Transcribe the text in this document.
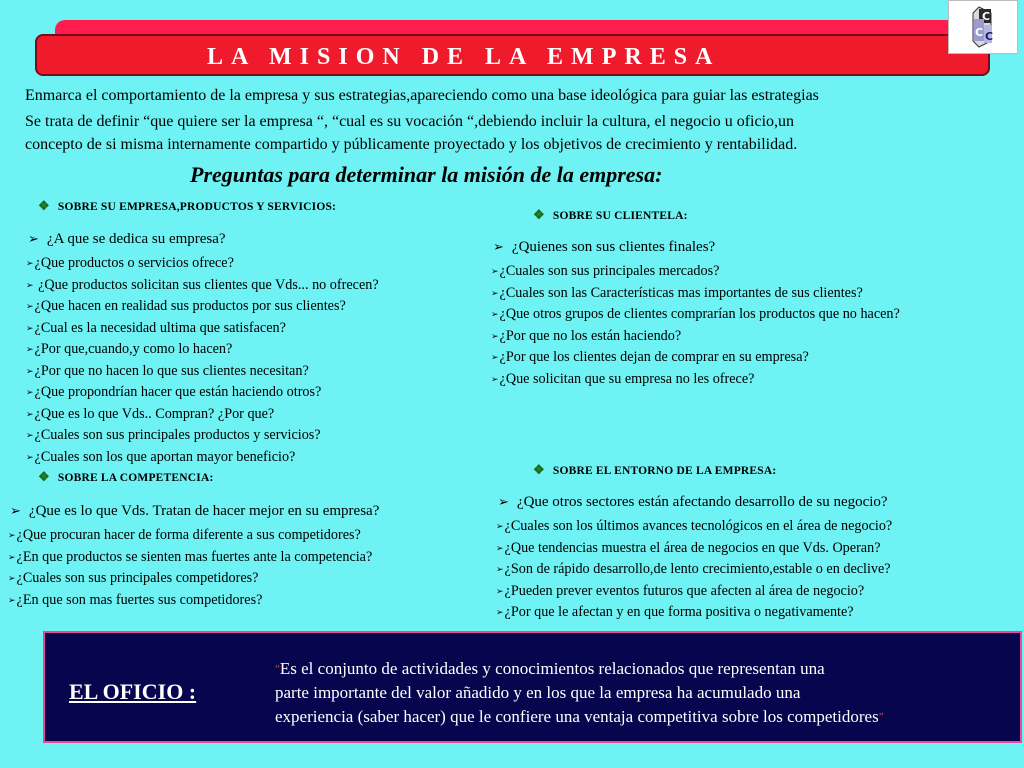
LA MISION DE LA EMPRESA
C
C C
Enmarca el comportamiento de la empresa y sus estrategias,apareciendo como una base ideológica para guiar las estrategias
Se trata de definir “que quiere ser la empresa “, “cual es su vocación “,debiendo incluir la cultura, el negocio u oficio,un
concepto de si misma internamente compartido y públicamente proyectado y los objetivos de crecimiento y rentabilidad.
Preguntas para determinar la misión de la empresa:
❖ SOBRE SU EMPRESA,PRODUCTOS Y SERVICIOS:
➢ ¿A que se dedica su empresa?
➢¿Que productos o servicios ofrece?
➢ ¿Que productos solicitan sus clientes que Vds... no ofrecen?
➢¿Que hacen en realidad sus productos por sus clientes?
➢¿Cual es la necesidad ultima que satisfacen?
➢¿Por que,cuando,y como lo hacen?
➢¿Por que no hacen lo que sus clientes necesitan?
➢¿Que propondrían hacer que están haciendo otros?
➢¿Que es lo que Vds.. Compran? ¿Por que?
➢¿Cuales son sus principales productos y servicios?
➢¿Cuales son los que aportan mayor beneficio?
❖ SOBRE SU CLIENTELA:
➢ ¿Quienes son sus clientes finales?
➢¿Cuales son sus principales mercados?
➢¿Cuales son las Características mas importantes de sus clientes?
➢¿Que otros grupos de clientes comprarían los productos que no hacen?
➢¿Por que no los están haciendo?
➢¿Por que los clientes dejan de comprar en su empresa?
➢¿Que solicitan que su empresa no les ofrece?
❖ SOBRE LA COMPETENCIA:
➢ ¿Que es lo que Vds. Tratan de hacer mejor en su empresa?
➢¿Que procuran hacer de forma diferente a sus competidores?
➢¿En que productos se sienten mas fuertes ante la competencia?
➢¿Cuales son sus principales competidores?
➢¿En que son mas fuertes sus competidores?
❖ SOBRE EL ENTORNO DE LA EMPRESA:
➢ ¿Que otros sectores están afectando desarrollo de su negocio?
➢¿Cuales son los últimos avances tecnológicos en el área de negocio?
➢¿Que tendencias muestra el área de negocios en que Vds. Operan?
➢¿Son de rápido desarrollo,de lento crecimiento,estable o en declive?
➢¿Pueden prever eventos futuros que afecten al área de negocio?
➢¿Por que le afectan y en que forma positiva o negativamente?
EL OFICIO :
“Es el conjunto de actividades y conocimientos relacionados que representan una
parte importante del valor añadido y en los que la empresa ha acumulado una
experiencia (saber hacer) que le confiere una ventaja competitiva sobre los competidores”
